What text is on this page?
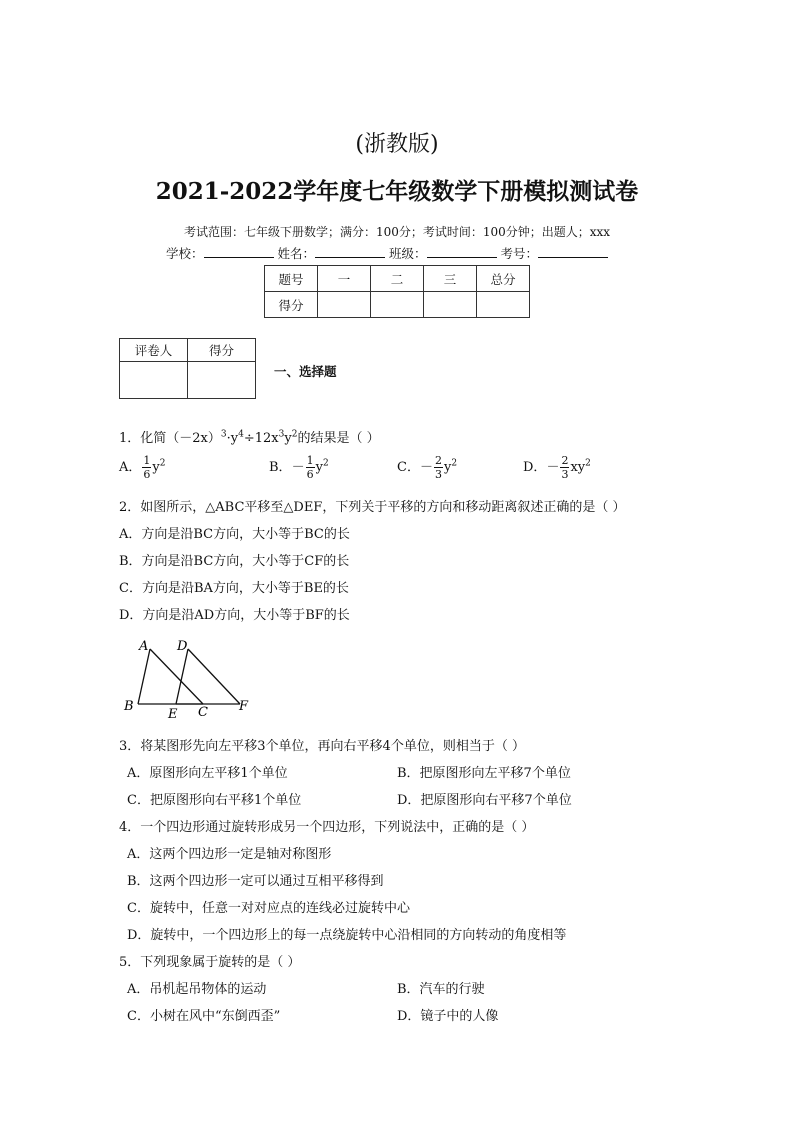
(浙教版)
2021-2022学年度七年级数学下册模拟测试卷
考试范围：七年级下册数学；满分：100分；考试时间：100分钟；出题人；xxx
学校：	姓名：	班级：	考号：
题号	一	二	三	总分
得分				
评卷人	得分

一、选择题
1．化简$(-2x)^3\cdot y^4\div 12x^3y^2$的结果是（ ）
A． $\frac{1}{6} y^2$	B．－ $\frac{1}{6} y^2$	C．－ $\frac{2}{3} y^2$	D．－ $\frac{2}{3} xy^2$
2．如图所示，△ABC平移至△DEF，下列关于平移的方向和移动距离叙述正确的是（ ）
A．方向是沿BC方向，大小等于BC的长
B．方向是沿BC方向，大小等于CF的长
C．方向是沿BA方向，大小等于BE的长
D．方向是沿AD方向，大小等于BF的长
A D
B
E C F
3．将某图形先向左平移3个单位，再向右平移4个单位，则相当于（ ）
A．原图形向左平移1个单位	B．把原图形向左平移7个单位
C．把原图形向右平移1个单位	D．把原图形向右平移7个单位
4．一个四边形通过旋转形成另一个四边形，下列说法中，正确的是（ ）
A．这两个四边形一定是轴对称图形
B．这两个四边形一定可以通过互相平移得到
C．旋转中，任意一对对应点的连线必过旋转中心
D．旋转中，一个四边形上的每一点绕旋转中心沿相同的方向转动的角度相等
5．下列现象属于旋转的是（ ）
A．吊机起吊物体的运动	B．汽车的行驶
C．小树在风中“东倒西歪”	D．镜子中的人像
